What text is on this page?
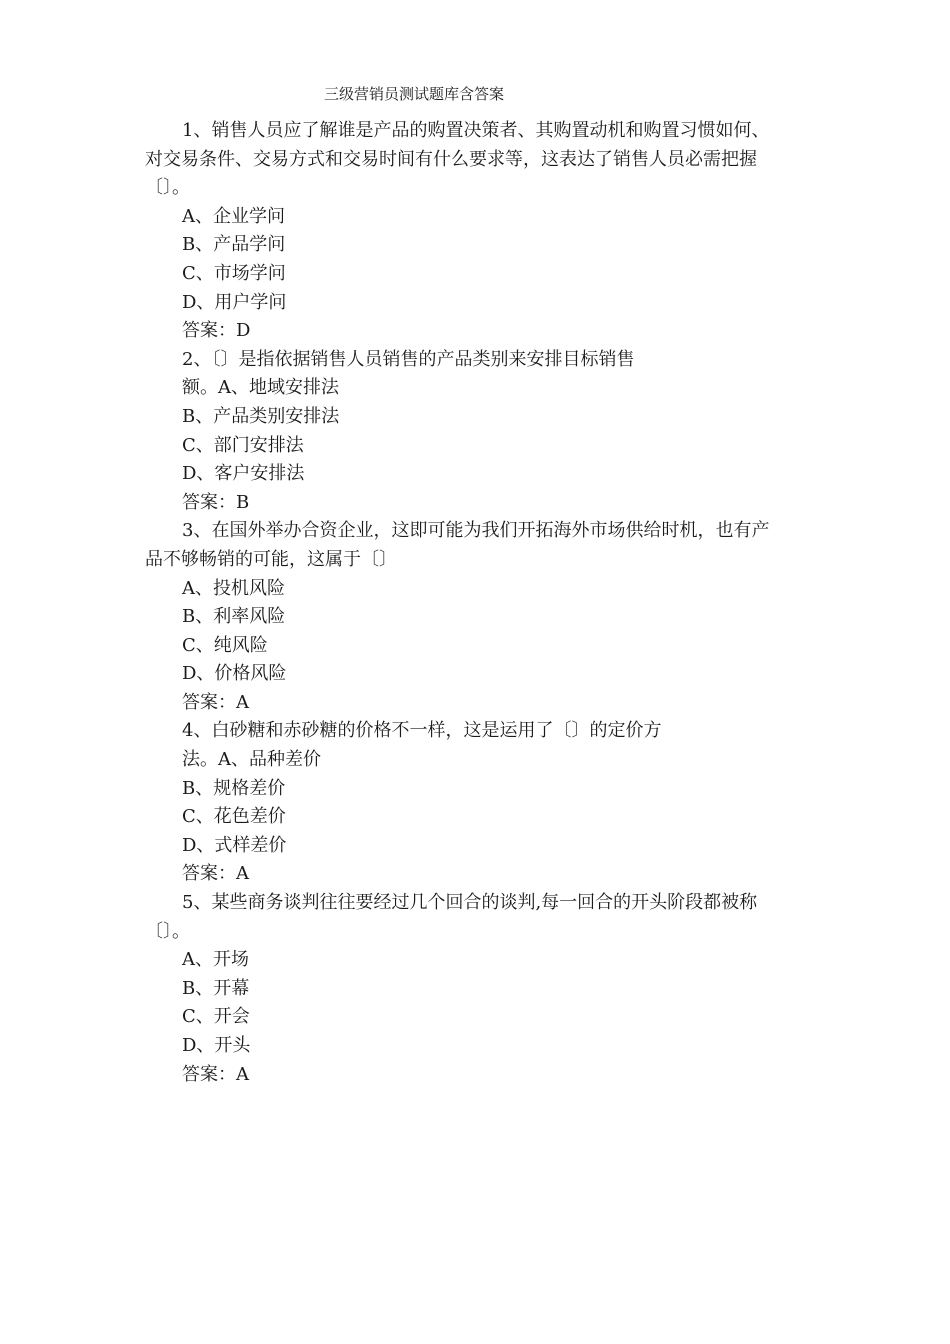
三级营销员测试题库含答案
1、销售人员应了解谁是产品的购置决策者、其购置动机和购置习惯如何、
对交易条件、交易方式和交易时间有什么要求等，这表达了销售人员必需把握
〔〕。
A、企业学问
B、产品学问
C、市场学问
D、用户学问
答案：D
2、〔〕是指依据销售人员销售的产品类别来安排目标销售
额。A、地域安排法
B、产品类别安排法
C、部门安排法
D、客户安排法
答案：B
3、在国外举办合资企业，这即可能为我们开拓海外市场供给时机，也有产
品不够畅销的可能，这属于〔〕
A、投机风险
B、利率风险
C、纯风险
D、价格风险
答案：A
4、白砂糖和赤砂糖的价格不一样，这是运用了〔〕的定价方
法。A、品种差价
B、规格差价
C、花色差价
D、式样差价
答案：A
5、某些商务谈判往往要经过几个回合的谈判,每一回合的开头阶段都被称
〔〕。
A、开场
B、开幕
C、开会
D、开头
答案：A
